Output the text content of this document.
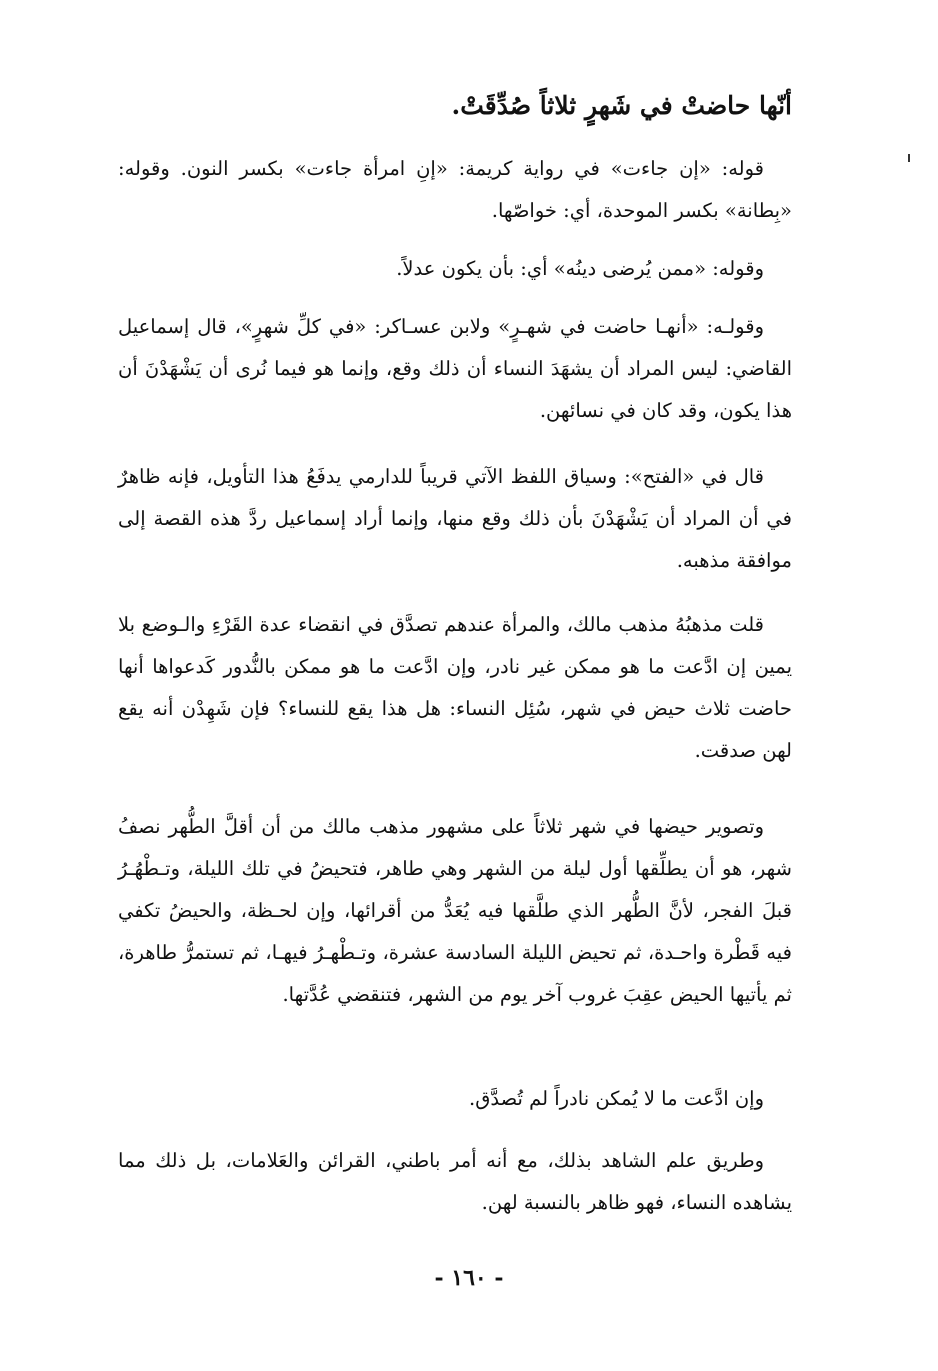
أنّها حاضتْ في شَهرٍ ثلاثاً صُدِّقَتْ.

قوله: «إن جاءت» في رواية كريمة: «إنِ امرأة جاءت» بكسر النون. وقوله: «بِطانة» بكسر الموحدة، أي: خواصّها.

وقوله: «ممن يُرضى دينُه» أي: بأن يكون عدلاً.

وقولـه: «أنهـا حاضت في شهـرٍ» ولابن عسـاكر: «في كلِّ شهرٍ»، قال إسماعيل القاضي: ليس المراد أن يشهَدَ النساء أن ذلك وقع، وإنما هو فيما نُرى أن يَشْهَدْنَ أن هذا يكون، وقد كان في نسائهن.

قال في «الفتح»: وسياق اللفظ الآتي قريباً للدارمي يدفَعُ هذا التأويل، فإنه ظاهرٌ في أن المراد أن يَشْهَدْنَ بأن ذلك وقع منها، وإنما أراد إسماعيل ردَّ هذه القصة إلى موافقة مذهبه.

قلت مذهبُهُ مذهب مالك، والمرأة عندهم تصدَّق في انقضاء عدة القَرْءِ والـوضع بلا يمين إن ادَّعت ما هو ممكن غير نادر، وإن ادَّعت ما هو ممكن بالنُّدور كَدعواها أنها حاضت ثلاث حيض في شهر، سُئِل النساء: هل هذا يقع للنساء؟ فإن شَهِدْن أنه يقع لهن صدقت.

وتصوير حيضها في شهر ثلاثاً على مشهور مذهب مالك من أن أقلَّ الطُّهر نصفُ شهر، هو أن يطلِّقها أول ليلة من الشهر وهي طاهر، فتحيضُ في تلك الليلة، وتـطْهُـرُ قبلَ الفجر، لأنَّ الطُّهر الذي طلَّقها فيه يُعَدُّ من أقرائها، وإن لحـظة، والحيضُ تكفي فيه قَطْرة واحـدة، ثم تحيض الليلة السادسة عشرة، وتـطْهـرُ فيهـا، ثم تستمرُّ طاهرة، ثم يأتيها الحيض عقِبَ غروب آخر يوم من الشهر، فتنقضي عُدَّتها.

وإن ادَّعت ما لا يُمكن نادراً لم تُصدَّق.

وطريق علم الشاهد بذلك، مع أنه أمر باطني، القرائن والعَلامات، بل ذلك مما يشاهده النساء، فهو ظاهر بالنسبة لهن.

- ١٦٠ -
